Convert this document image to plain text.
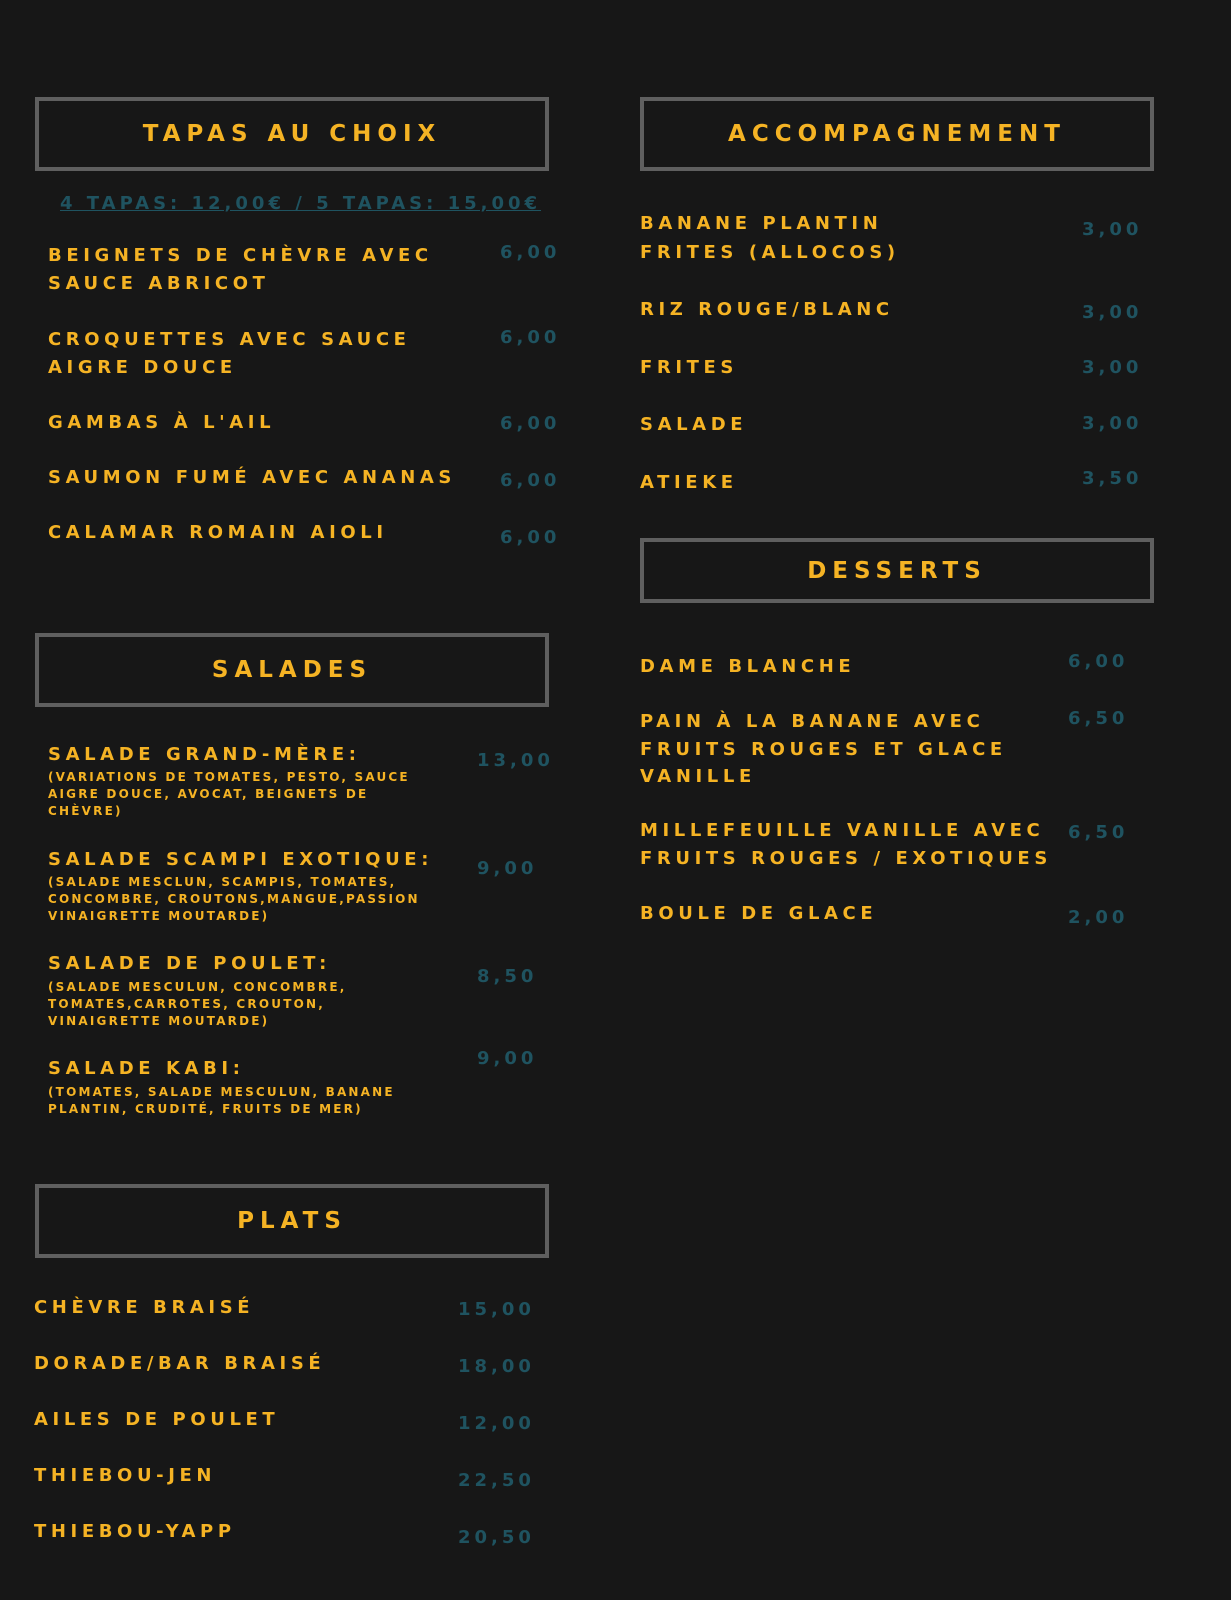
TAPAS AU CHOIX
4 TAPAS: 12,00€ / 5 TAPAS: 15,00€
BEIGNETS DE CHÈVRE AVEC
SAUCE ABRICOT
6,00
CROQUETTES AVEC SAUCE
AIGRE DOUCE
6,00
GAMBAS À L'AIL	6,00
SAUMON FUMÉ AVEC ANANAS 6,00
CALAMAR ROMAIN AIOLI	6,00
SALADES
SALADE GRAND-MÈRE:
(VARIATIONS DE TOMATES, PESTO, SAUCE
AIGRE DOUCE, AVOCAT, BEIGNETS DE
CHÈVRE)
13,00
SALADE SCAMPI EXOTIQUE:
(SALADE MESCLUN, SCAMPIS, TOMATES,
CONCOMBRE, CROUTONS,MANGUE,PASSION
VINAIGRETTE MOUTARDE)
9,00
SALADE DE POULET:
(SALADE MESCULUN, CONCOMBRE,
TOMATES,CARROTES, CROUTON,
VINAIGRETTE MOUTARDE)
8,50
SALADE KABI:
(TOMATES, SALADE MESCULUN, BANANE
PLANTIN, CRUDITÉ, FRUITS DE MER)
9,00
PLATS
CHÈVRE BRAISÉ	15,00
DORADE/BAR BRAISÉ	18,00
AILES DE POULET	12,00
THIEBOU-JEN	22,50
THIEBOU-YAPP	20,50
ACCOMPAGNEMENT
BANANE PLANTIN
FRITES (ALLOCOS)
3,00
RIZ ROUGE/BLANC	3,00
FRITES	3,00
SALADE	3,00
ATIEKE	3,50
DESSERTS
DAME BLANCHE	6,00
PAIN À LA BANANE AVEC
FRUITS ROUGES ET GLACE
VANILLE
6,50
MILLEFEUILLE VANILLE AVEC
FRUITS ROUGES / EXOTIQUES
6,50
BOULE DE GLACE	2,00
